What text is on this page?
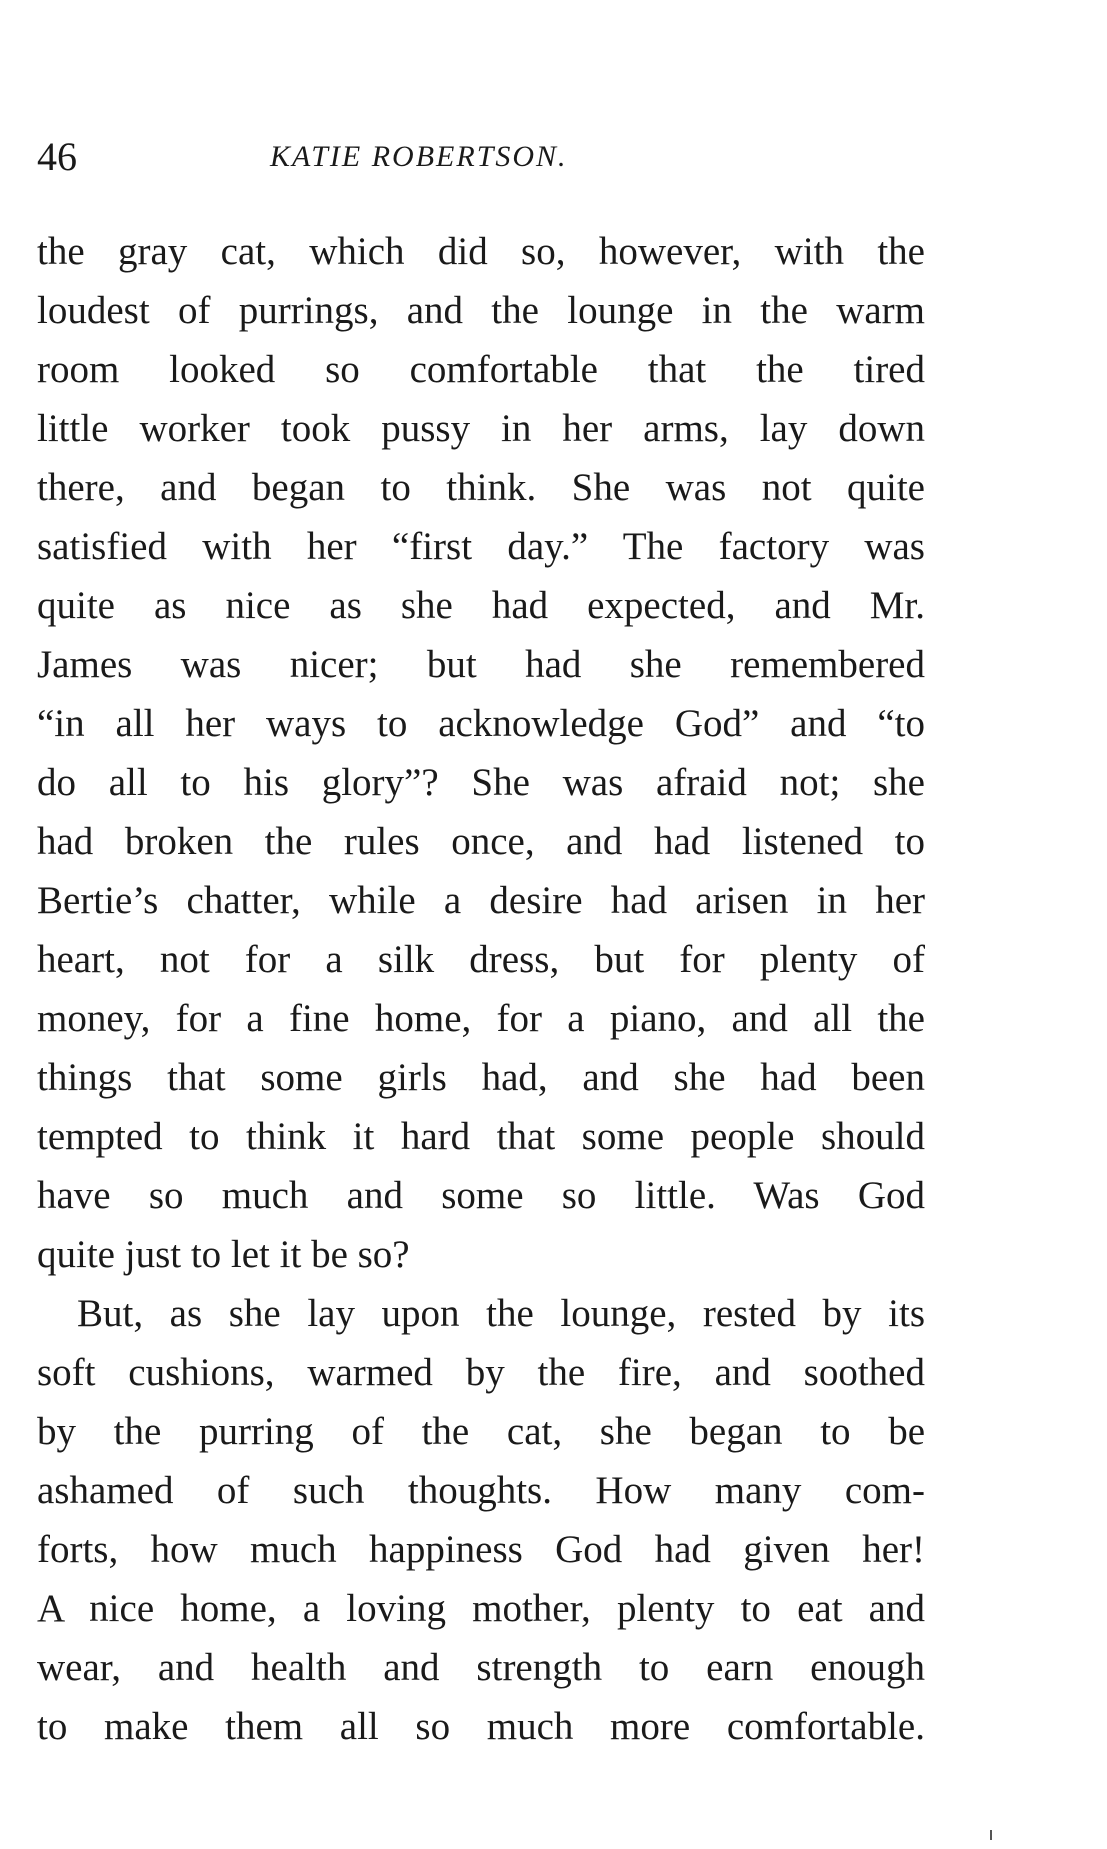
46	KATIE ROBERTSON.
the gray cat, which did so, however, with the
loudest of purrings, and the lounge in the warm
room looked so comfortable that the tired
little worker took pussy in her arms, lay down
there, and began to think. She was not quite
satisfied with her “first day.” The factory was
quite as nice as she had expected, and Mr.
James was nicer; but had she remembered
“in all her ways to acknowledge God” and “to
do all to his glory”? She was afraid not; she
had broken the rules once, and had listened to
Bertie’s chatter, while a desire had arisen in her
heart, not for a silk dress, but for plenty of
money, for a fine home, for a piano, and all the
things that some girls had, and she had been
tempted to think it hard that some people should
have so much and some so little. Was God
quite just to let it be so?
But, as she lay upon the lounge, rested by its
soft cushions, warmed by the fire, and soothed
by the purring of the cat, she began to be
ashamed of such thoughts. How many com-
forts, how much happiness God had given her!
A nice home, a loving mother, plenty to eat and
wear, and health and strength to earn enough
to make them all so much more comfortable.
